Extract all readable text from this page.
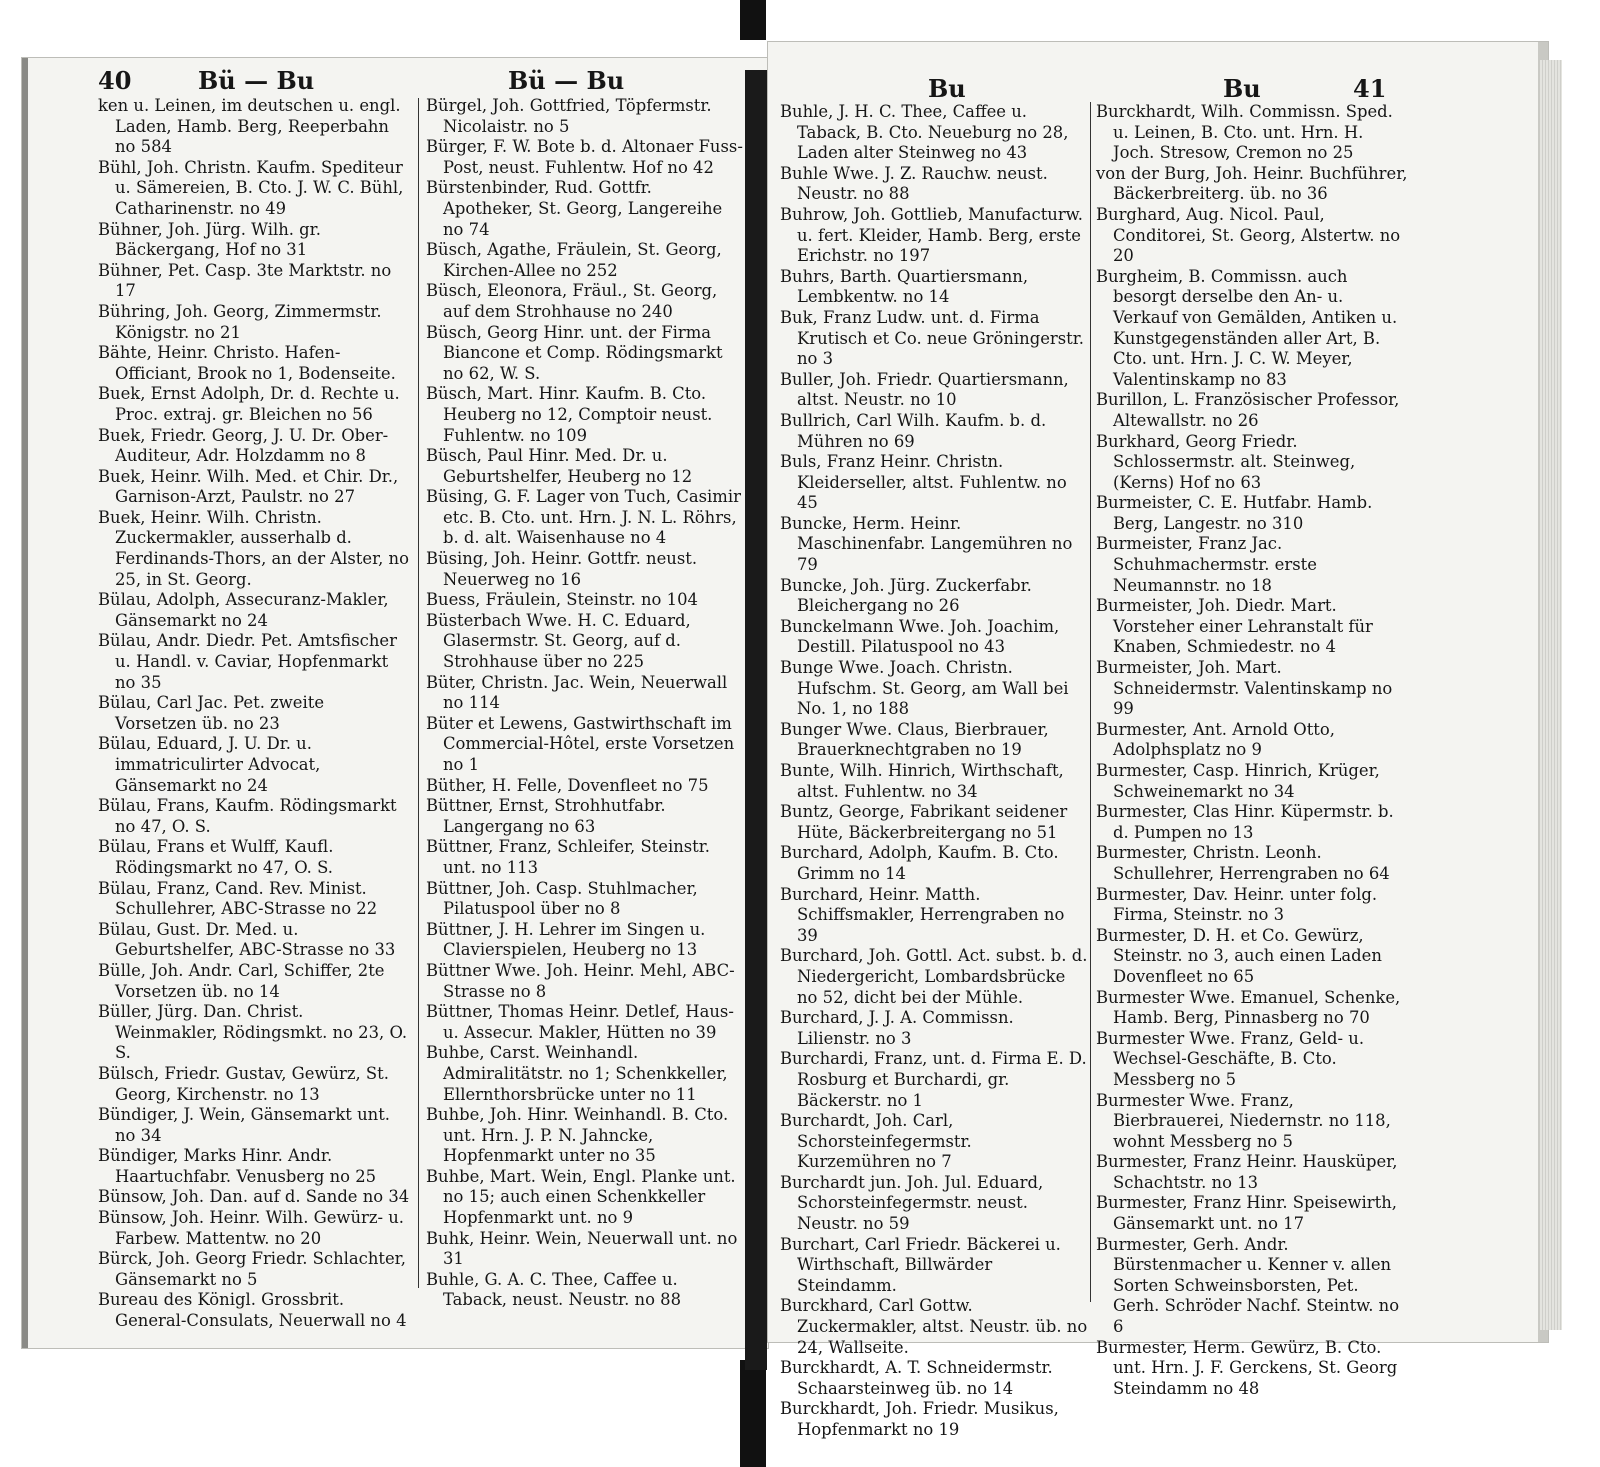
40	Bü — Bu	Bü — Bu

ken u. Leinen, im deutschen u. engl. Laden, Hamb. Berg, Reeperbahn no 584

Bühl, Joh. Christn. Kaufm. Spediteur u. Sämereien, B. Cto. J. W. C. Bühl, Catharinenstr. no 49

Bühner, Joh. Jürg. Wilh. gr. Bäckergang, Hof no 31

Bühner, Pet. Casp. 3te Marktstr. no 17

Bühring, Joh. Georg, Zimmermstr. Königstr. no 21

Bähte, Heinr. Christo. Hafen-Officiant, Brook no 1, Bodenseite.

Buek, Ernst Adolph, Dr. d. Rechte u. Proc. extraj. gr. Bleichen no 56

Buek, Friedr. Georg, J. U. Dr. Ober-Auditeur, Adr. Holzdamm no 8

Buek, Heinr. Wilh. Med. et Chir. Dr., Garnison-Arzt, Paulstr. no 27

Buek, Heinr. Wilh. Christn. Zuckermakler, ausserhalb d. Ferdinands-Thors, an der Alster, no 25, in St. Georg.

Bülau, Adolph, Assecuranz-Makler, Gänsemarkt no 24

Bülau, Andr. Diedr. Pet. Amtsfischer u. Handl. v. Caviar, Hopfenmarkt no 35

Bülau, Carl Jac. Pet. zweite Vorsetzen üb. no 23

Bülau, Eduard, J. U. Dr. u. immatriculirter Advocat, Gänsemarkt no 24

Bülau, Frans, Kaufm. Rödingsmarkt no 47, O. S.

Bülau, Frans et Wulff, Kaufl. Rödingsmarkt no 47, O. S.

Bülau, Franz, Cand. Rev. Minist. Schullehrer, ABC-Strasse no 22

Bülau, Gust. Dr. Med. u. Geburtshelfer, ABC-Strasse no 33

Bülle, Joh. Andr. Carl, Schiffer, 2te Vorsetzen üb. no 14

Büller, Jürg. Dan. Christ. Weinmakler, Rödingsmkt. no 23, O. S.

Bülsch, Friedr. Gustav, Gewürz, St. Georg, Kirchenstr. no 13

Bündiger, J. Wein, Gänsemarkt unt. no 34

Bündiger, Marks Hinr. Andr. Haartuchfabr. Venusberg no 25

Bünsow, Joh. Dan. auf d. Sande no 34

Bünsow, Joh. Heinr. Wilh. Gewürz- u. Farbew. Mattentw. no 20

Bürck, Joh. Georg Friedr. Schlachter, Gänsemarkt no 5

Bureau des Königl. Grossbrit. General-Consulats, Neuerwall no 4

Bürgel, Joh. Gottfried, Töpfermstr. Nicolaistr. no 5

Bürger, F. W. Bote b. d. Altonaer Fuss-Post, neust. Fuhlentw. Hof no 42

Bürstenbinder, Rud. Gottfr. Apotheker, St. Georg, Langereihe no 74

Büsch, Agathe, Fräulein, St. Georg, Kirchen-Allee no 252

Büsch, Eleonora, Fräul., St. Georg, auf dem Strohhause no 240

Büsch, Georg Hinr. unt. der Firma Biancone et Comp. Rödingsmarkt no 62, W. S.

Büsch, Mart. Hinr. Kaufm. B. Cto. Heuberg no 12, Comptoir neust. Fuhlentw. no 109

Büsch, Paul Hinr. Med. Dr. u. Geburtshelfer, Heuberg no 12

Büsing, G. F. Lager von Tuch, Casimir etc. B. Cto. unt. Hrn. J. N. L. Röhrs, b. d. alt. Waisenhause no 4

Büsing, Joh. Heinr. Gottfr. neust. Neuerweg no 16

Buess, Fräulein, Steinstr. no 104

Büsterbach Wwe. H. C. Eduard, Glasermstr. St. Georg, auf d. Strohhause über no 225

Büter, Christn. Jac. Wein, Neuerwall no 114

Büter et Lewens, Gastwirthschaft im Commercial-Hôtel, erste Vorsetzen no 1

Büther, H. Felle, Dovenfleet no 75

Büttner, Ernst, Strohhutfabr. Langergang no 63

Büttner, Franz, Schleifer, Steinstr. unt. no 113

Büttner, Joh. Casp. Stuhlmacher, Pilatuspool über no 8

Büttner, J. H. Lehrer im Singen u. Clavierspielen, Heuberg no 13

Büttner Wwe. Joh. Heinr. Mehl, ABC-Strasse no 8

Büttner, Thomas Heinr. Detlef, Haus- u. Assecur. Makler, Hütten no 39

Buhbe, Carst. Weinhandl. Admiralitätstr. no 1; Schenkkeller, Ellernthorsbrücke unter no 11

Buhbe, Joh. Hinr. Weinhandl. B. Cto. unt. Hrn. J. P. N. Jahncke, Hopfenmarkt unter no 35

Buhbe, Mart. Wein, Engl. Planke unt. no 15; auch einen Schenkkeller Hopfenmarkt unt. no 9

Buhk, Heinr. Wein, Neuerwall unt. no 31

Buhle, G. A. C. Thee, Caffee u. Taback, neust. Neustr. no 88

Bu	Bu	41

Buhle, J. H. C. Thee, Caffee u. Taback, B. Cto. Neueburg no 28, Laden alter Steinweg no 43

Buhle Wwe. J. Z. Rauchw. neust. Neustr. no 88

Buhrow, Joh. Gottlieb, Manufacturw. u. fert. Kleider, Hamb. Berg, erste Erichstr. no 197

Buhrs, Barth. Quartiersmann, Lembkentw. no 14

Buk, Franz Ludw. unt. d. Firma Krutisch et Co. neue Gröningerstr. no 3

Buller, Joh. Friedr. Quartiersmann, altst. Neustr. no 10

Bullrich, Carl Wilh. Kaufm. b. d. Mühren no 69

Buls, Franz Heinr. Christn. Kleiderseller, altst. Fuhlentw. no 45

Buncke, Herm. Heinr. Maschinenfabr. Langemühren no 79

Buncke, Joh. Jürg. Zuckerfabr. Bleichergang no 26

Bunckelmann Wwe. Joh. Joachim, Destill. Pilatuspool no 43

Bunge Wwe. Joach. Christn. Hufschm. St. Georg, am Wall bei No. 1, no 188

Bunger Wwe. Claus, Bierbrauer, Brauerknechtgraben no 19

Bunte, Wilh. Hinrich, Wirthschaft, altst. Fuhlentw. no 34

Buntz, George, Fabrikant seidener Hüte, Bäckerbreitergang no 51

Burchard, Adolph, Kaufm. B. Cto. Grimm no 14

Burchard, Heinr. Matth. Schiffsmakler, Herrengraben no 39

Burchard, Joh. Gottl. Act. subst. b. d. Niedergericht, Lombardsbrücke no 52, dicht bei der Mühle.

Burchard, J. J. A. Commissn. Lilienstr. no 3

Burchardi, Franz, unt. d. Firma E. D. Rosburg et Burchardi, gr. Bäckerstr. no 1

Burchardt, Joh. Carl, Schorsteinfegermstr. Kurzemühren no 7

Burchardt jun. Joh. Jul. Eduard, Schorsteinfegermstr. neust. Neustr. no 59

Burchart, Carl Friedr. Bäckerei u. Wirthschaft, Billwärder Steindamm.

Burckhard, Carl Gottw. Zuckermakler, altst. Neustr. üb. no 24, Wallseite.

Burckhardt, A. T. Schneidermstr. Schaarsteinweg üb. no 14

Burckhardt, Joh. Friedr. Musikus, Hopfenmarkt no 19

Burckhardt, Wilh. Commissn. Sped. u. Leinen, B. Cto. unt. Hrn. H. Joch. Stresow, Cremon no 25

von der Burg, Joh. Heinr. Buchführer, Bäckerbreiterg. üb. no 36

Burghard, Aug. Nicol. Paul, Conditorei, St. Georg, Alstertw. no 20

Burgheim, B. Commissn. auch besorgt derselbe den An- u. Verkauf von Gemälden, Antiken u. Kunstgegenständen aller Art, B. Cto. unt. Hrn. J. C. W. Meyer, Valentinskamp no 83

Burillon, L. Französischer Professor, Altewallstr. no 26

Burkhard, Georg Friedr. Schlossermstr. alt. Steinweg, (Kerns) Hof no 63

Burmeister, C. E. Hutfabr. Hamb. Berg, Langestr. no 310

Burmeister, Franz Jac. Schuhmachermstr. erste Neumannstr. no 18

Burmeister, Joh. Diedr. Mart. Vorsteher einer Lehranstalt für Knaben, Schmiedestr. no 4

Burmeister, Joh. Mart. Schneidermstr. Valentinskamp no 99

Burmester, Ant. Arnold Otto, Adolphsplatz no 9

Burmester, Casp. Hinrich, Krüger, Schweinemarkt no 34

Burmester, Clas Hinr. Küpermstr. b. d. Pumpen no 13

Burmester, Christn. Leonh. Schullehrer, Herrengraben no 64

Burmester, Dav. Heinr. unter folg. Firma, Steinstr. no 3

Burmester, D. H. et Co. Gewürz, Steinstr. no 3, auch einen Laden Dovenfleet no 65

Burmester Wwe. Emanuel, Schenke, Hamb. Berg, Pinnasberg no 70

Burmester Wwe. Franz, Geld- u. Wechsel-Geschäfte, B. Cto. Messberg no 5

Burmester Wwe. Franz, Bierbrauerei, Niedernstr. no 118, wohnt Messberg no 5

Burmester, Franz Heinr. Hausküper, Schachtstr. no 13

Burmester, Franz Hinr. Speisewirth, Gänsemarkt unt. no 17

Burmester, Gerh. Andr. Bürstenmacher u. Kenner v. allen Sorten Schweinsborsten, Pet. Gerh. Schröder Nachf. Steintw. no 6

Burmester, Herm. Gewürz, B. Cto. unt. Hrn. J. F. Gerckens, St. Georg Steindamm no 48
